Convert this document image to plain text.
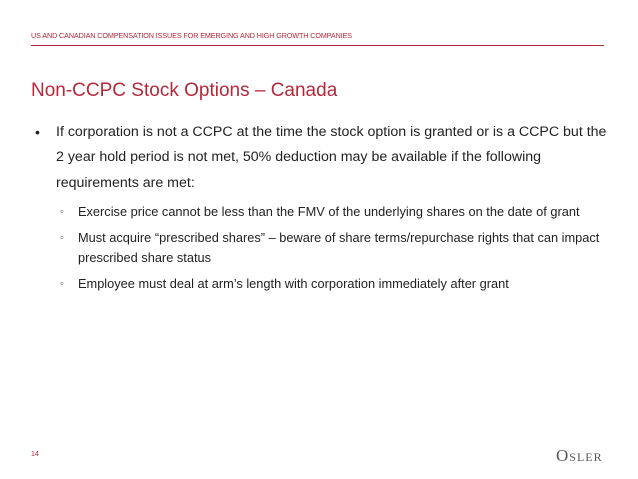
US AND CANADIAN COMPENSATION ISSUES FOR EMERGING AND HIGH GROWTH COMPANIES
Non-CCPC Stock Options – Canada
• If corporation is not a CCPC at the time the stock option is granted or is a CCPC but the 2 year hold period is not met, 50% deduction may be available if the following requirements are met:
◦ Exercise price cannot be less than the FMV of the underlying shares on the date of grant
◦ Must acquire “prescribed shares” – beware of share terms/repurchase rights that can impact prescribed share status
◦ Employee must deal at arm’s length with corporation immediately after grant
14	Osler
